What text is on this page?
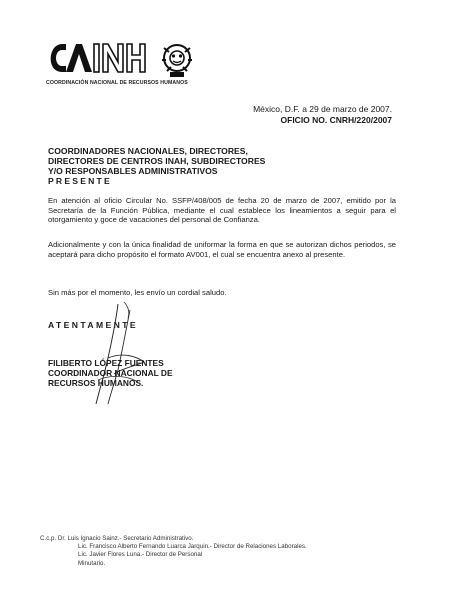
COORDINACIÓN NACIONAL DE RECURSOS HUMANOS
México, D.F. a 29 de marzo de 2007.
OFICIO NO. CNRH/220/2007
COORDINADORES NACIONALES, DIRECTORES,
DIRECTORES DE CENTROS INAH, SUBDIRECTORES
Y/O RESPONSABLES ADMINISTRATIVOS
PRESENTE
En atención al oficio Circular No. SSFP/408/005 de fecha 20 de marzo de 2007, emitido por la Secretaría de la Función Pública, mediante el cual establece los lineamientos a seguir para el otorgamiento y goce de vacaciones del personal de Confianza.
Adicionalmente y con la única finalidad de uniformar la forma en que se autorizan dichos periodos, se aceptará para dicho propósito el formato AV001, el cual se encuentra anexo al presente.
Sin más por el momento, les envío un cordial saludo.
ATENTAMENTE
FILIBERTO LÓPEZ FUENTES
COORDINADOR NACIONAL DE
RECURSOS HUMANOS.
C.c.p. Dr. Luis Ignacio Sainz.- Secretario Administrativo.
Lic. Francisco Alberto Fernando Luarca Jarquin.- Director de Relaciones Laborales.
Lic. Javier Flores Luna.- Director de Personal
Minutario.
